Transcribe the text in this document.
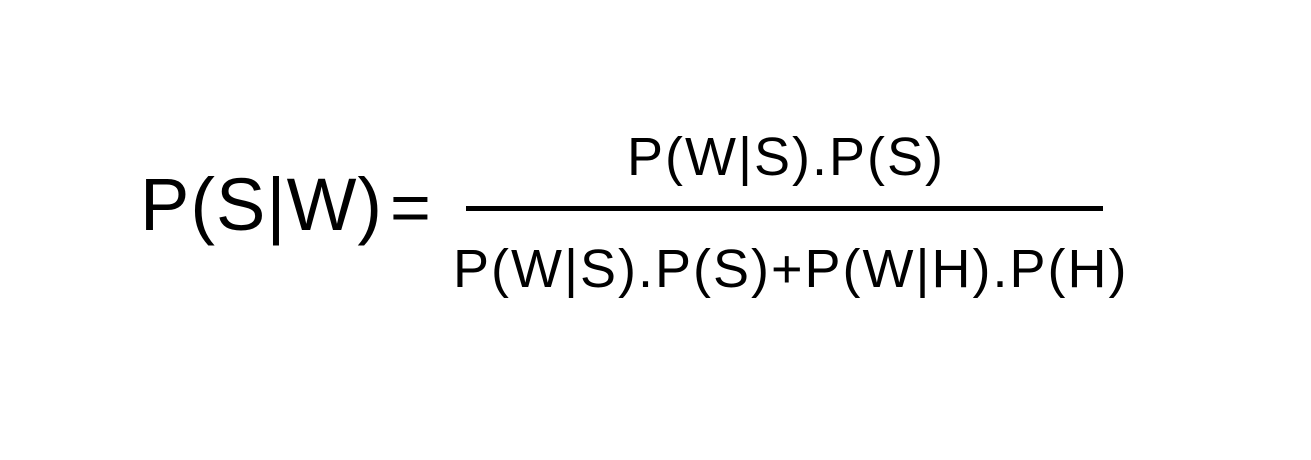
P(S|W) =
P(W|S).P(S)
P(W|S).P(S)+P(W|H).P(H)
